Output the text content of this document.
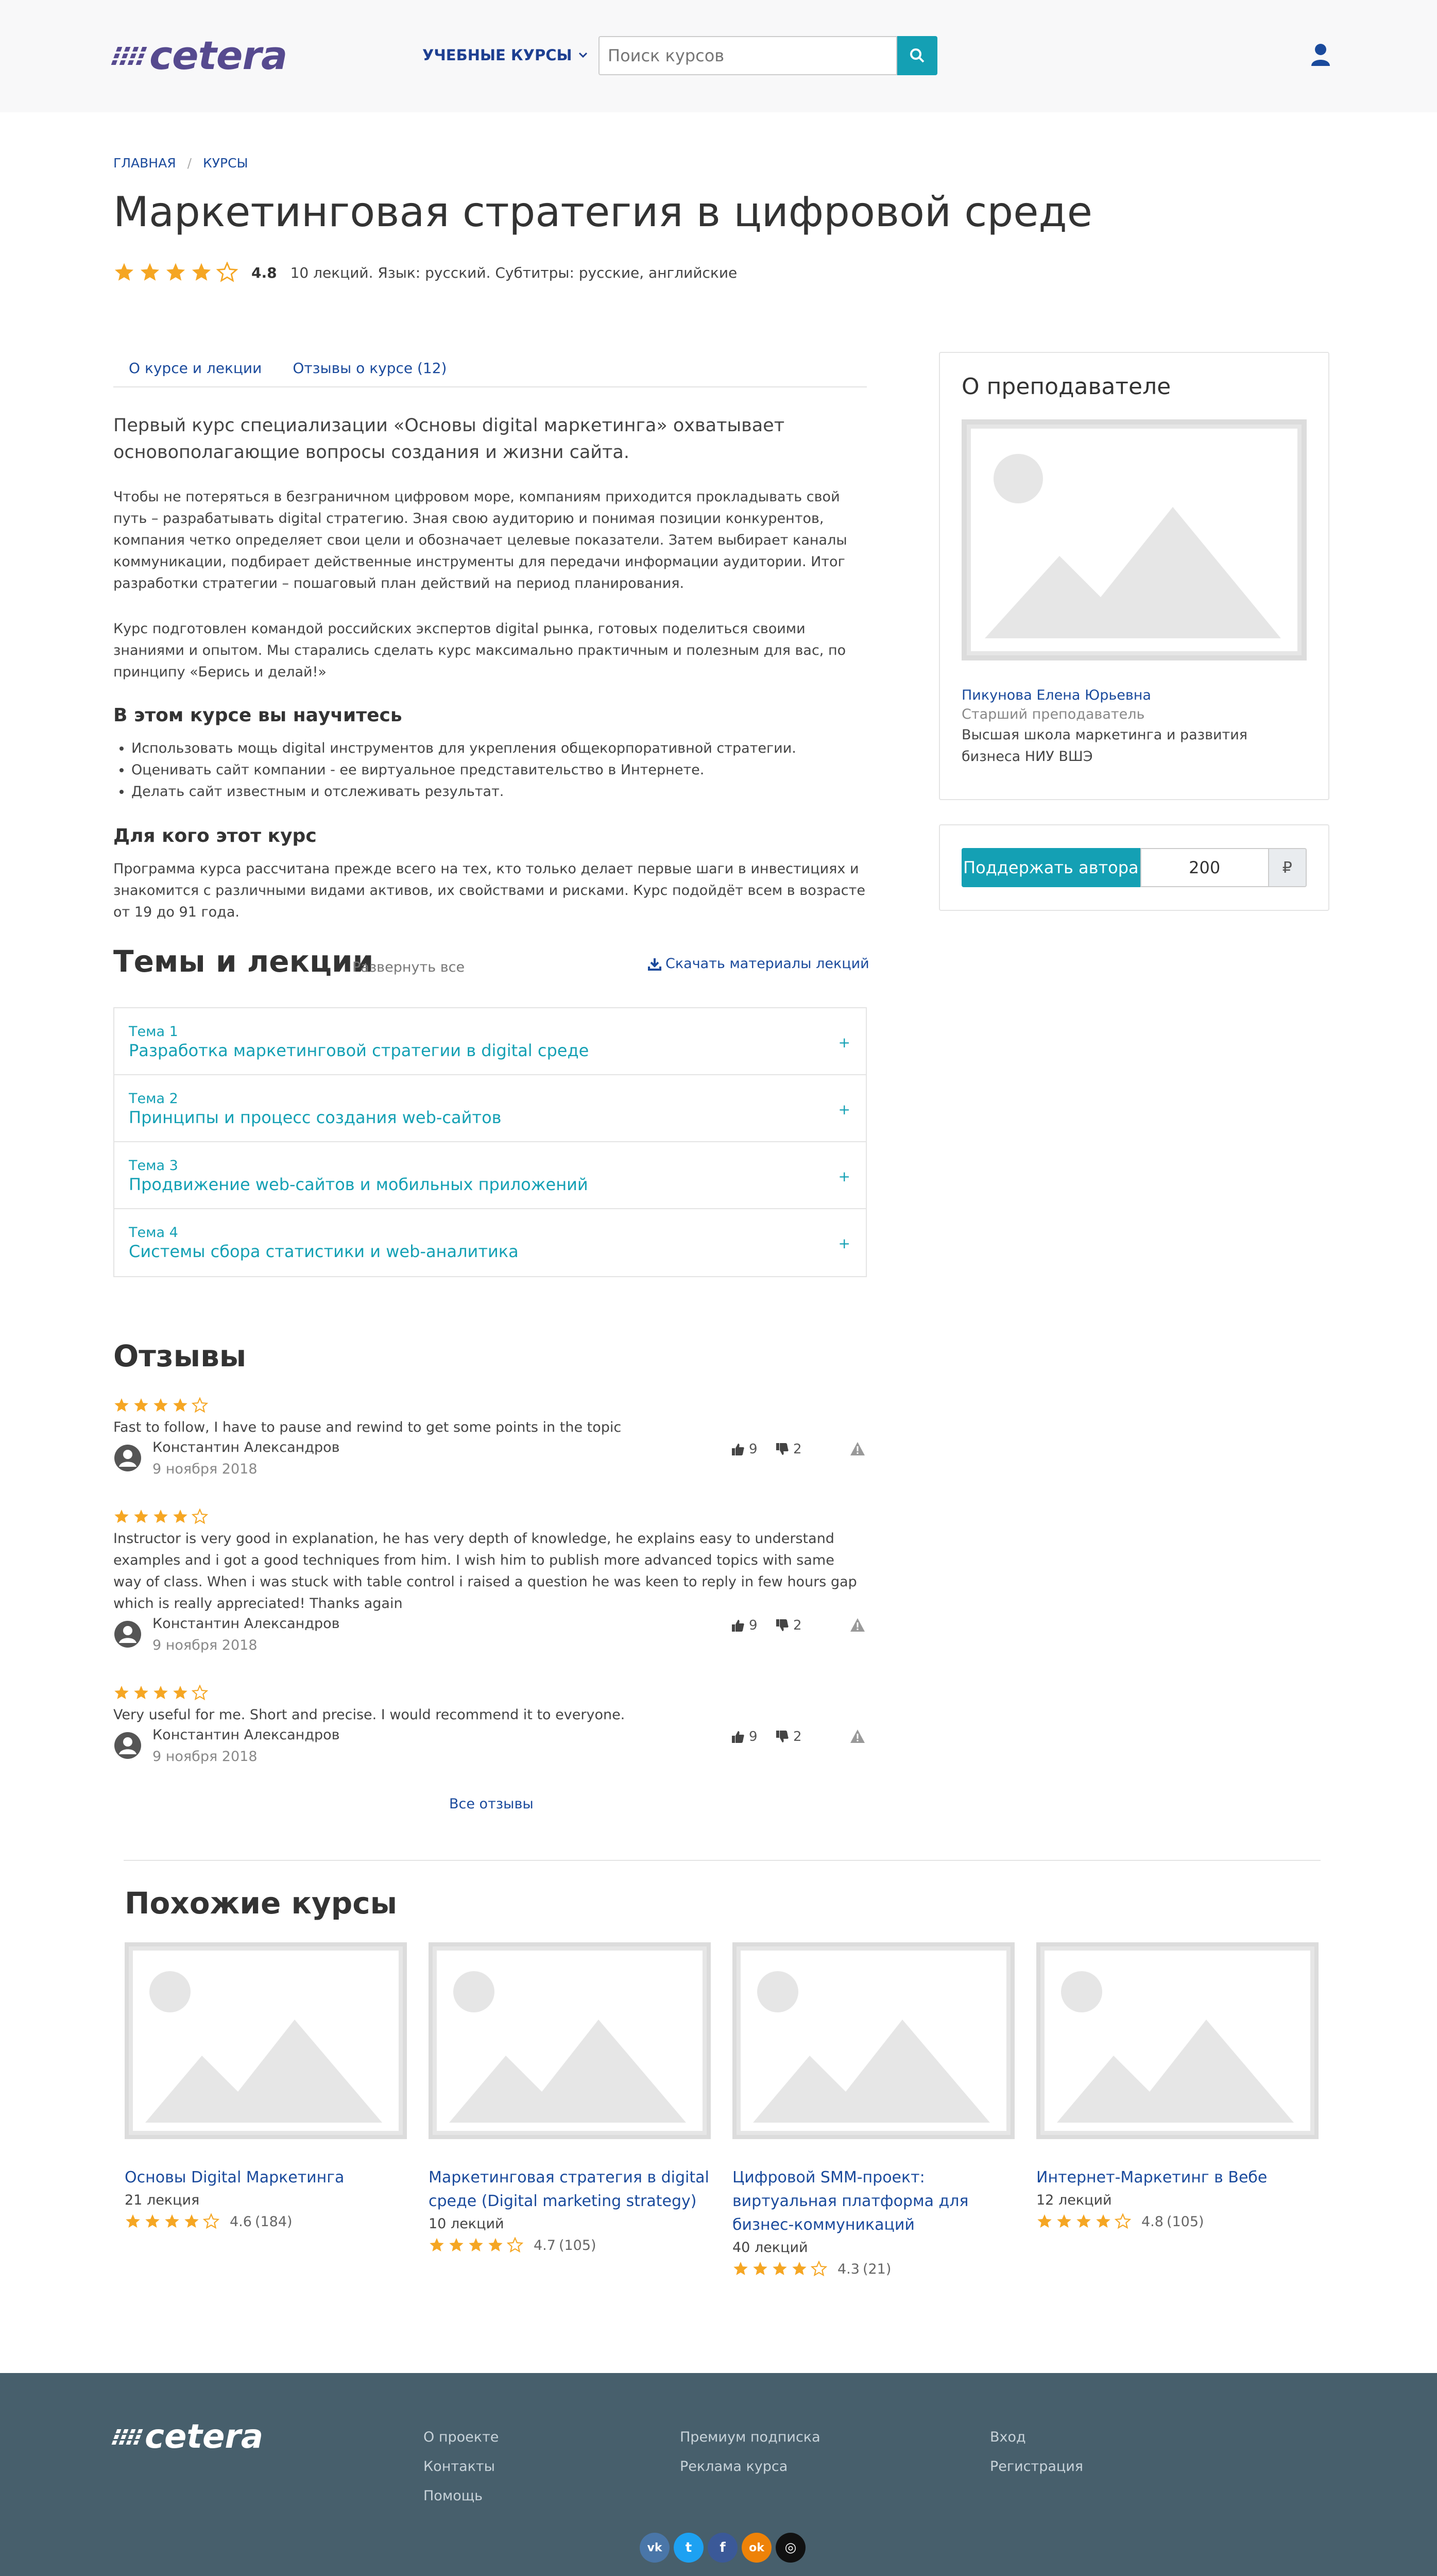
cetera	УЧЕБНЫЕ КУРСЫ
Поиск курсов
ГЛАВНАЯ / КУРСЫ
Маркетинговая стратегия в цифровой среде
4.8 10 лекций. Язык: русский. Субтитры: русские, английские
О курсе и лекции	Отзывы о курсе (12)

Первый курс специализации «Основы digital маркетинга» охватывает основополагающие вопросы создания и жизни сайта.

Чтобы не потеряться в безграничном цифровом море, компаниям приходится прокладывать свой путь – разрабатывать digital стратегию. Зная свою аудиторию и понимая позиции конкурентов, компания четко определяет свои цели и обозначает целевые показатели. Затем выбирает каналы коммуникации, подбирает действенные инструменты для передачи информации аудитории. Итог разработки стратегии – пошаговый план действий на период планирования.

Курс подготовлен командой российских экспертов digital рынка, готовых поделиться своими знаниями и опытом. Мы старались сделать курс максимально практичным и полезным для вас, по принципу «Берись и делай!»

В этом курсе вы научитесь
• Использовать мощь digital инструментов для укрепления общекорпоративной стратегии.
• Оценивать сайт компании - ее виртуальное представительство в Интернете.
• Делать сайт известным и отслеживать результат.
Для кого этот курс

Программа курса рассчитана прежде всего на тех, кто только делает первые шаги в инвестициях и знакомится с различными видами активов, их свойствами и рисками. Курс подойдёт всем в возрасте от 19 до 91 года.

Темы и лекции
Развернуть все	Скачать материалы лекций
Тема 1
Разработка маркетинговой стратегии в digital среде	+
Тема 2
Принципы и процесс создания web-сайтов	+
Тема 3
Продвижение web-сайтов и мобильных приложений	+
Тема 4
Системы сбора статистики и web-аналитика	+
Отзывы
Fast to follow, I have to pause and rewind to get some points in the topic
Константин Александров
9 ноября 2018
9	2
Instructor is very good in explanation, he has very depth of knowledge, he explains easy to understand examples and i got a good techniques from him. I wish him to publish more advanced topics with same way of class. When i was stuck with table control i raised a question he was keen to reply in few hours gap which is really appreciated! Thanks again
Константин Александров
9 ноября 2018
9	2
Very useful for me. Short and precise. I would recommend it to everyone.
Константин Александров
9 ноября 2018
9	2
Все отзывы
Похожие курсы
Основы Digital Маркетинга
21 лекция
4.6 (184)
Маркетинговая стратегия в digital среде (Digital marketing strategy)
10 лекций
4.7 (105)
Цифровой SMM-проект: виртуальная платформа для бизнес-коммуникаций
40 лекций
4.3 (21)
Интернет-Маркетинг в Вебе
12 лекций
4.8 (105)
О преподавателе
Пикунова Елена Юрьевна
Старший преподаватель
Высшая школа маркетинга и развития бизнеса НИУ ВШЭ
Поддержать автора
200	₽
cetera	О проекте
Контакты
Помощь
Премиум подписка
Реклама курса
Вход
Регистрация
vk	t	f	ok	◎
